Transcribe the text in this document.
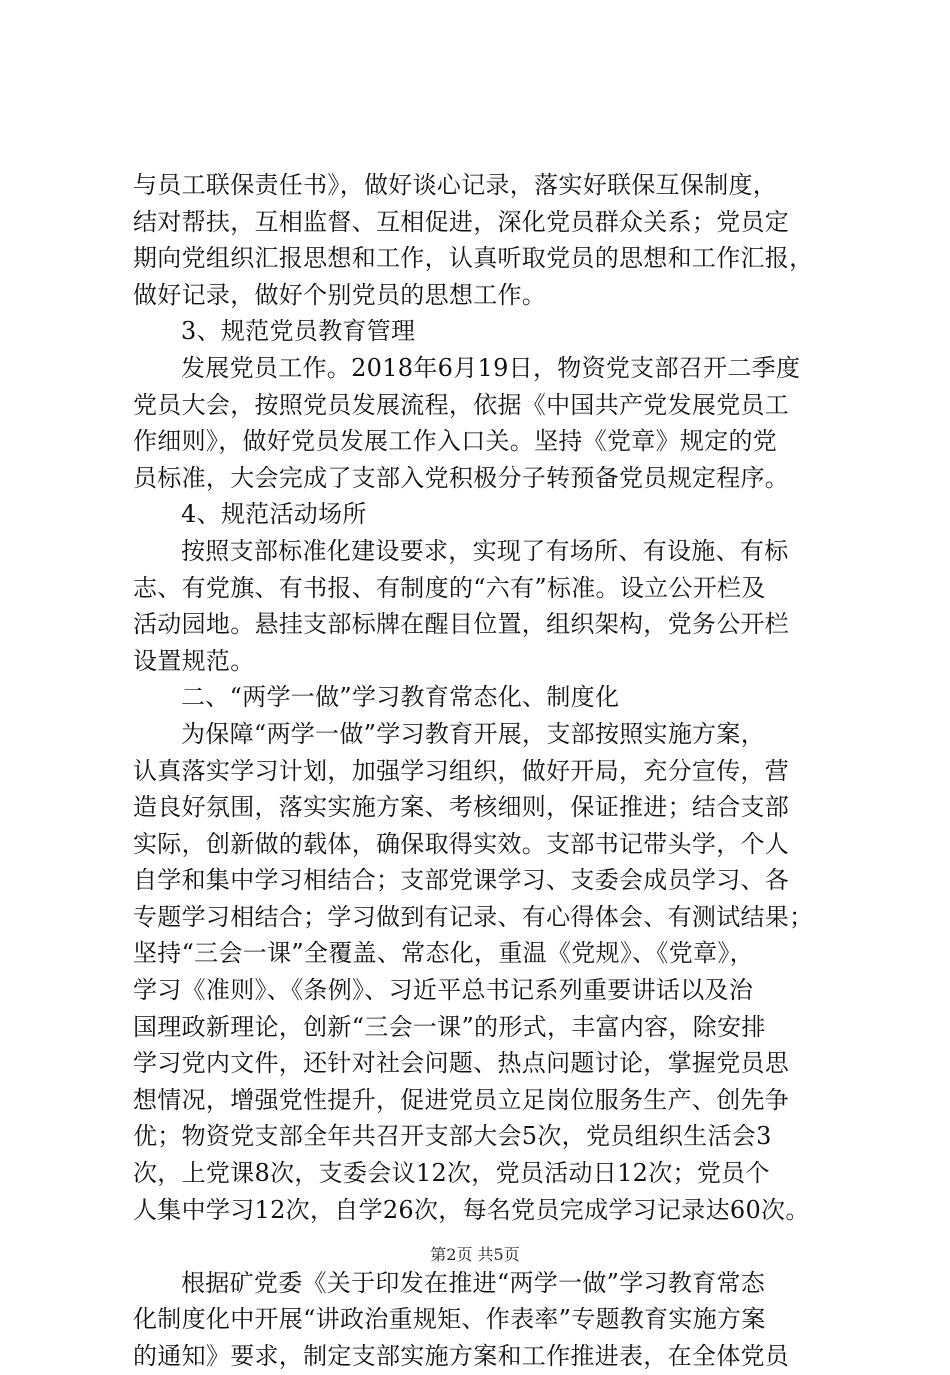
与员工联保责任书》，做好谈心记录，落实好联保互保制度，
结对帮扶，互相监督、互相促进，深化党员群众关系；党员定
期向党组织汇报思想和工作，认真听取党员的思想和工作汇报，
做好记录，做好个别党员的思想工作。
3、规范党员教育管理
发展党员工作。2018年6月19日，物资党支部召开二季度
党员大会，按照党员发展流程，依据《中国共产党发展党员工
作细则》，做好党员发展工作入口关。坚持《党章》规定的党
员标准，大会完成了支部入党积极分子转预备党员规定程序。
4、规范活动场所
按照支部标准化建设要求，实现了有场所、有设施、有标
志、有党旗、有书报、有制度的“六有”标准。设立公开栏及
活动园地。悬挂支部标牌在醒目位置，组织架构，党务公开栏
设置规范。
二、“两学一做”学习教育常态化、制度化
为保障“两学一做”学习教育开展，支部按照实施方案，
认真落实学习计划，加强学习组织，做好开局，充分宣传，营
造良好氛围，落实实施方案、考核细则，保证推进；结合支部
实际，创新做的载体，确保取得实效。支部书记带头学，个人
自学和集中学习相结合；支部党课学习、支委会成员学习、各
专题学习相结合；学习做到有记录、有心得体会、有测试结果；
坚持“三会一课”全覆盖、常态化，重温《党规》、《党章》，
学习《准则》、《条例》、习近平总书记系列重要讲话以及治
国理政新理论，创新“三会一课”的形式，丰富内容，除安排
学习党内文件，还针对社会问题、热点问题讨论，掌握党员思
想情况，增强党性提升，促进党员立足岗位服务生产、创先争
优；物资党支部全年共召开支部大会5次，党员组织生活会3
次，上党课8次，支委会议12次，党员活动日12次；党员个
人集中学习12次，自学26次，每名党员完成学习记录达60次。
根据矿党委《关于印发在推进“两学一做”学习教育常态
化制度化中开展“讲政治重规矩、作表率”专题教育实施方案
的通知》要求，制定支部实施方案和工作推进表，在全体党员
第2页 共5页
